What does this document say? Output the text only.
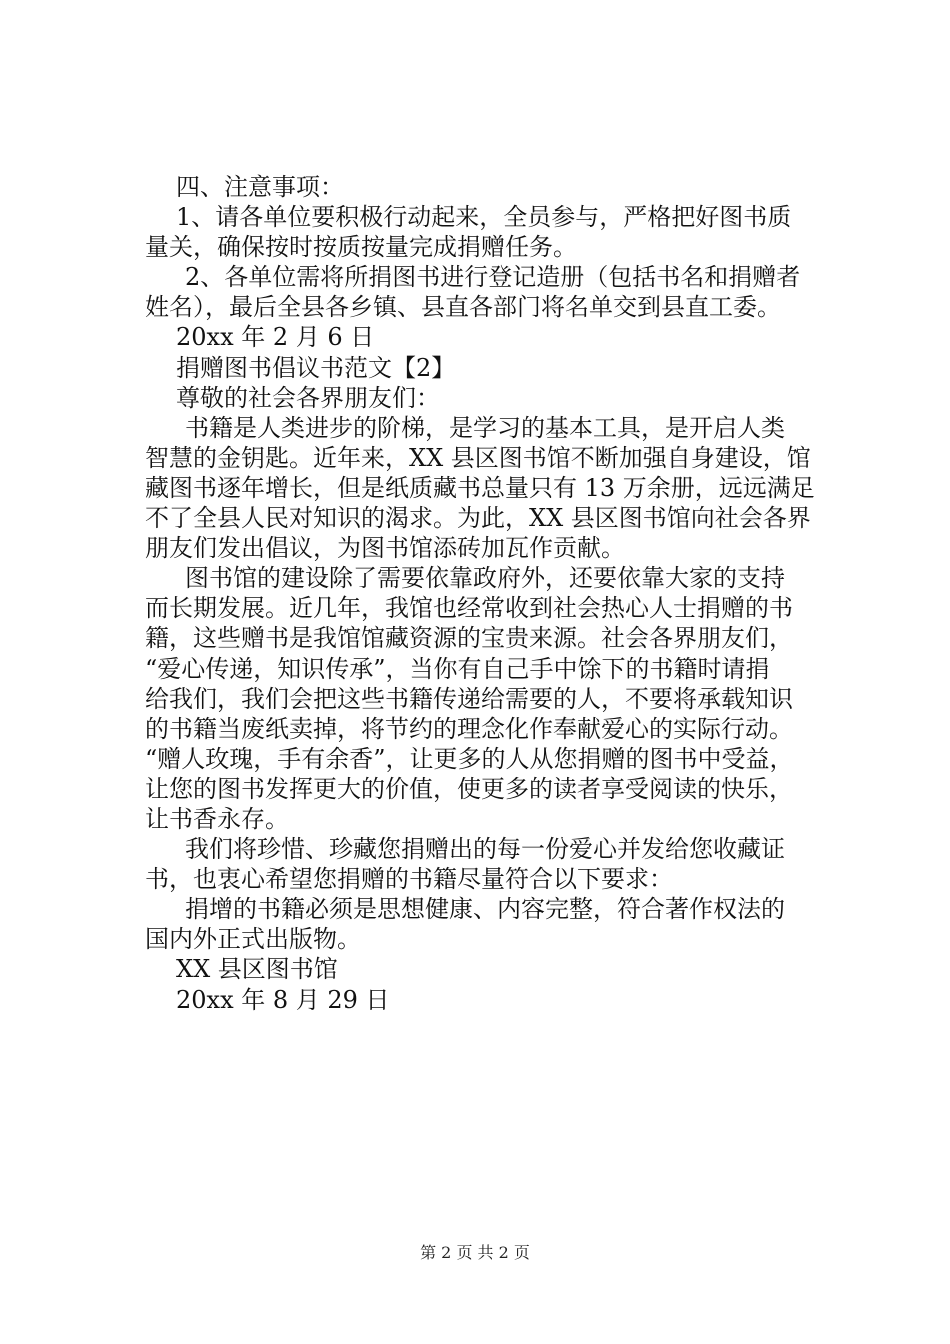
四、注意事项：

1、请各单位要积极行动起来，全员参与，严格把好图书质

量关，确保按时按质按量完成捐赠任务。

2、各单位需将所捐图书进行登记造册（包括书名和捐赠者

姓名），最后全县各乡镇、县直各部门将名单交到县直工委。

20xx 年 2 月 6 日

捐赠图书倡议书范文【2】

尊敬的社会各界朋友们：

书籍是人类进步的阶梯，是学习的基本工具，是开启人类

智慧的金钥匙。近年来，XX 县区图书馆不断加强自身建设，馆

藏图书逐年增长，但是纸质藏书总量只有 13 万余册，远远满足

不了全县人民对知识的渴求。为此，XX 县区图书馆向社会各界

朋友们发出倡议，为图书馆添砖加瓦作贡献。

图书馆的建设除了需要依靠政府外，还要依靠大家的支持

而长期发展。近几年，我馆也经常收到社会热心人士捐赠的书

籍，这些赠书是我馆馆藏资源的宝贵来源。社会各界朋友们，

“爱心传递，知识传承”，当你有自己手中馀下的书籍时请捐

给我们，我们会把这些书籍传递给需要的人，不要将承载知识

的书籍当废纸卖掉，将节约的理念化作奉献爱心的实际行动。

“赠人玫瑰，手有余香”，让更多的人从您捐赠的图书中受益，

让您的图书发挥更大的价值，使更多的读者享受阅读的快乐，

让书香永存。

我们将珍惜、珍藏您捐赠出的每一份爱心并发给您收藏证

书，也衷心希望您捐赠的书籍尽量符合以下要求：

捐增的书籍必须是思想健康、内容完整，符合著作权法的

国内外正式出版物。

XX 县区图书馆

20xx 年 8 月 29 日

第 2 页 共 2 页
